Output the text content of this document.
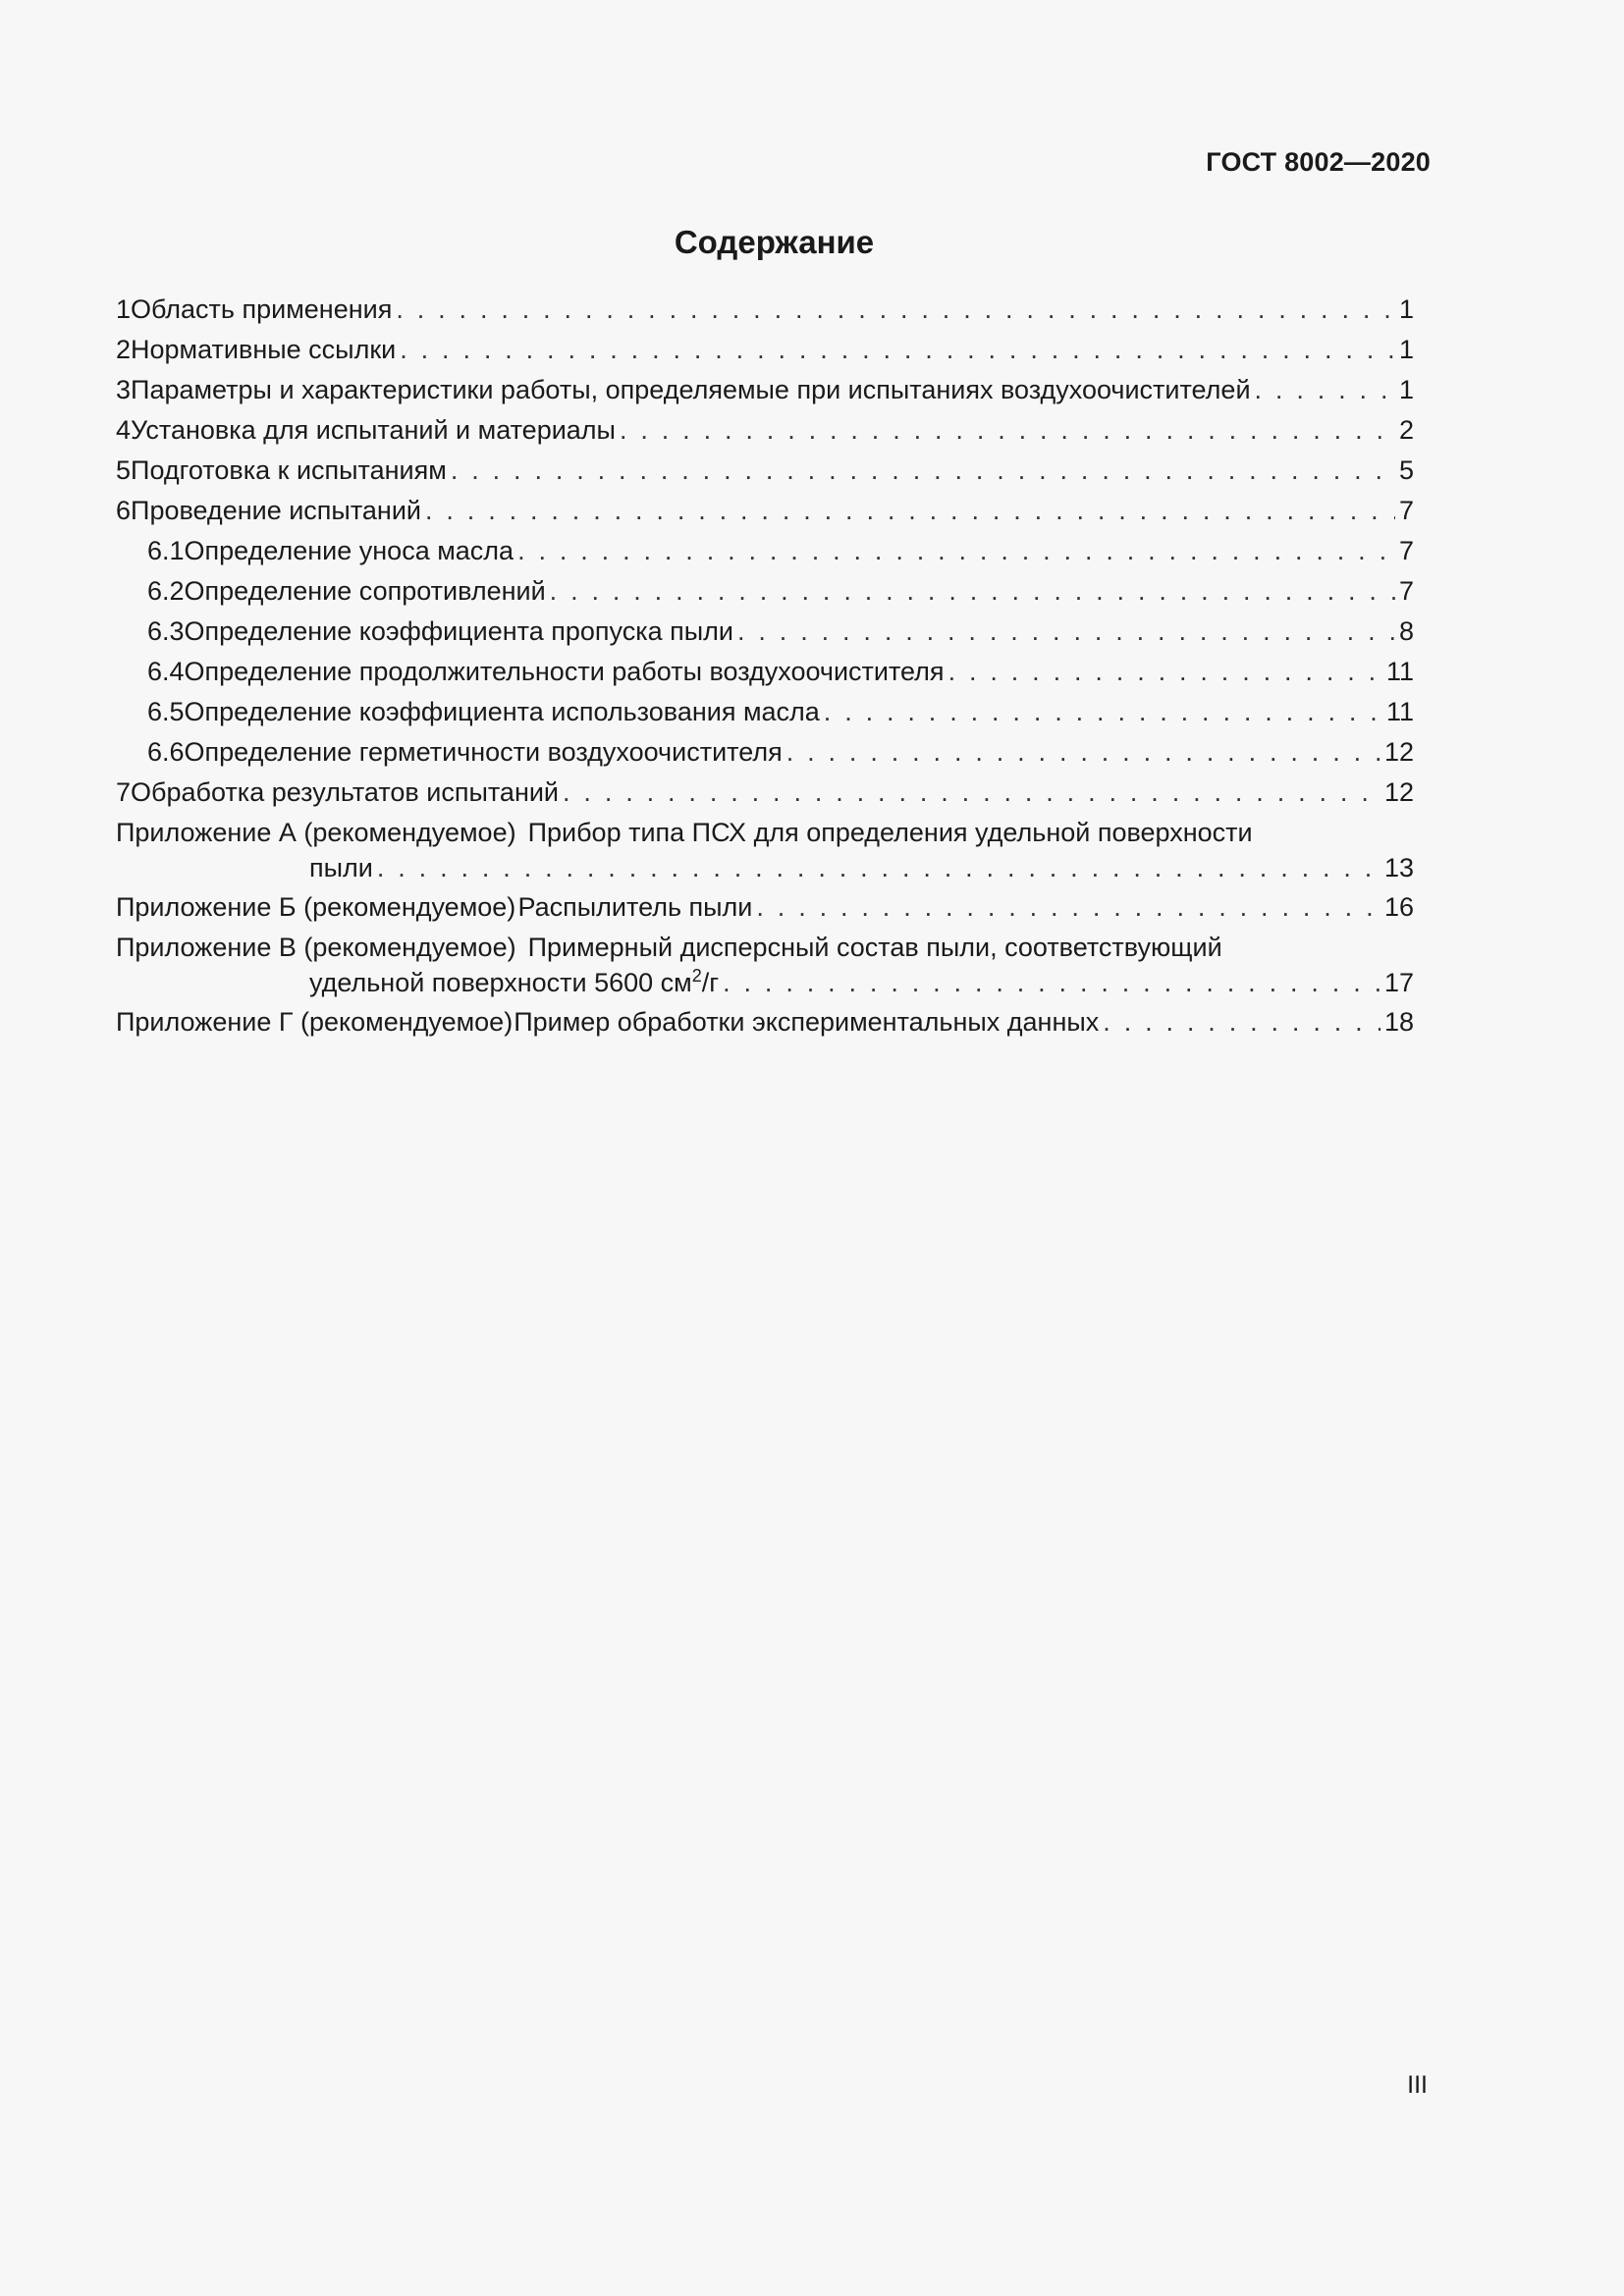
ГОСТ 8002—2020
Содержание
1 Область применения . . .	1
2 Нормативные ссылки . . .	1
3 Параметры и характеристики работы, определяемые при испытаниях воздухоочистителей . . .	1
4 Установка для испытаний и материалы . . .	2
5 Подготовка к испытаниям . . .	5
6 Проведение испытаний . . .	7
6.1 Определение уноса масла . . .	7
6.2 Определение сопротивлений . . .	7
6.3 Определение коэффициента пропуска пыли . . .	8
6.4 Определение продолжительности работы воздухоочистителя . . .	11
6.5 Определение коэффициента использования масла . . .	11
6.6 Определение герметичности воздухоочистителя . . .	12
7 Обработка результатов испытаний . . .	12
Приложение А (рекомендуемое) Прибор типа ПСХ для определения удельной поверхности
пыли . . .	13
Приложение Б (рекомендуемое) Распылитель пыли . . .	16
Приложение В (рекомендуемое) Примерный дисперсный состав пыли, соответствующий
удельной поверхности 5600 $см^2/г$ . . .	17
Приложение Г (рекомендуемое) Пример обработки экспериментальных данных . . .	18
III
